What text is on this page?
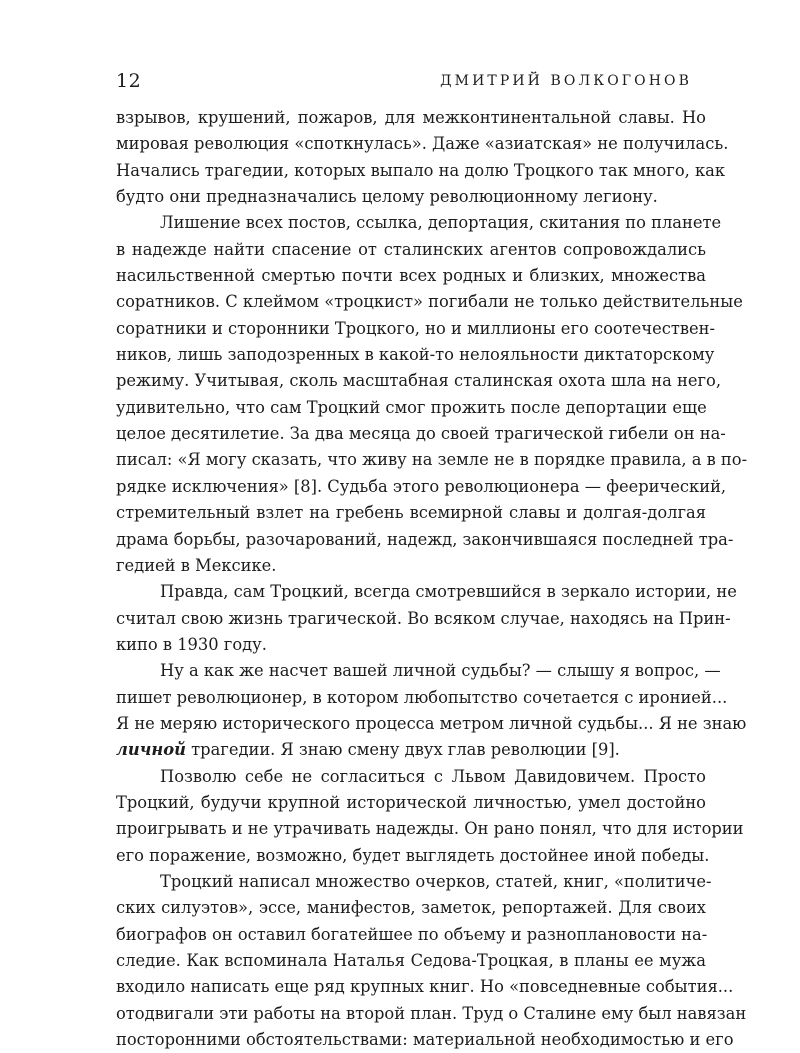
12	ДМИТРИЙ ВОЛКОГОНОВ
взрывов, крушений, пожаров, для межконтинентальной славы. Но
мировая революция «споткнулась». Даже «азиатская» не получилась.
Начались трагедии, которых выпало на долю Троцкого так много, как
будто они предназначались целому революционному легиону.
Лишение всех постов, ссылка, депортация, скитания по планете
в надежде найти спасение от сталинских агентов сопровождались
насильственной смертью почти всех родных и близких, множества
соратников. С клеймом «троцкист» погибали не только действительные
соратники и сторонники Троцкого, но и миллионы его соотечествен-
ников, лишь заподозренных в какой-то нелояльности диктаторскому
режиму. Учитывая, сколь масштабная сталинская охота шла на него,
удивительно, что сам Троцкий смог прожить после депортации еще
целое десятилетие. За два месяца до своей трагической гибели он на-
писал: «Я могу сказать, что живу на земле не в порядке правила, а в по-
рядке исключения» [8]. Судьба этого революционера — феерический,
стремительный взлет на гребень всемирной славы и долгая-долгая
драма борьбы, разочарований, надежд, закончившаяся последней тра-
гедией в Мексике.
Правда, сам Троцкий, всегда смотревшийся в зеркало истории, не
считал свою жизнь трагической. Во всяком случае, находясь на Прин-
кипо в 1930 году.
Ну а как же насчет вашей личной судьбы? — слышу я вопрос, —
пишет революционер, в котором любопытство сочетается с иронией...
Я не меряю исторического процесса метром личной судьбы... Я не знаю
личной трагедии. Я знаю смену двух глав революции [9].
Позволю себе не согласиться с Львом Давидовичем. Просто
Троцкий, будучи крупной исторической личностью, умел достойно
проигрывать и не утрачивать надежды. Он рано понял, что для истории
его поражение, возможно, будет выглядеть достойнее иной победы.
Троцкий написал множество очерков, статей, книг, «политиче-
ских силуэтов», эссе, манифестов, заметок, репортажей. Для своих
биографов он оставил богатейшее по объему и разноплановости на-
следие. Как вспоминала Наталья Седова-Троцкая, в планы ее мужа
входило написать еще ряд крупных книг. Но «повседневные события...
отодвигали эти работы на второй план. Труд о Сталине ему был навязан
посторонними обстоятельствами: материальной необходимостью и его
